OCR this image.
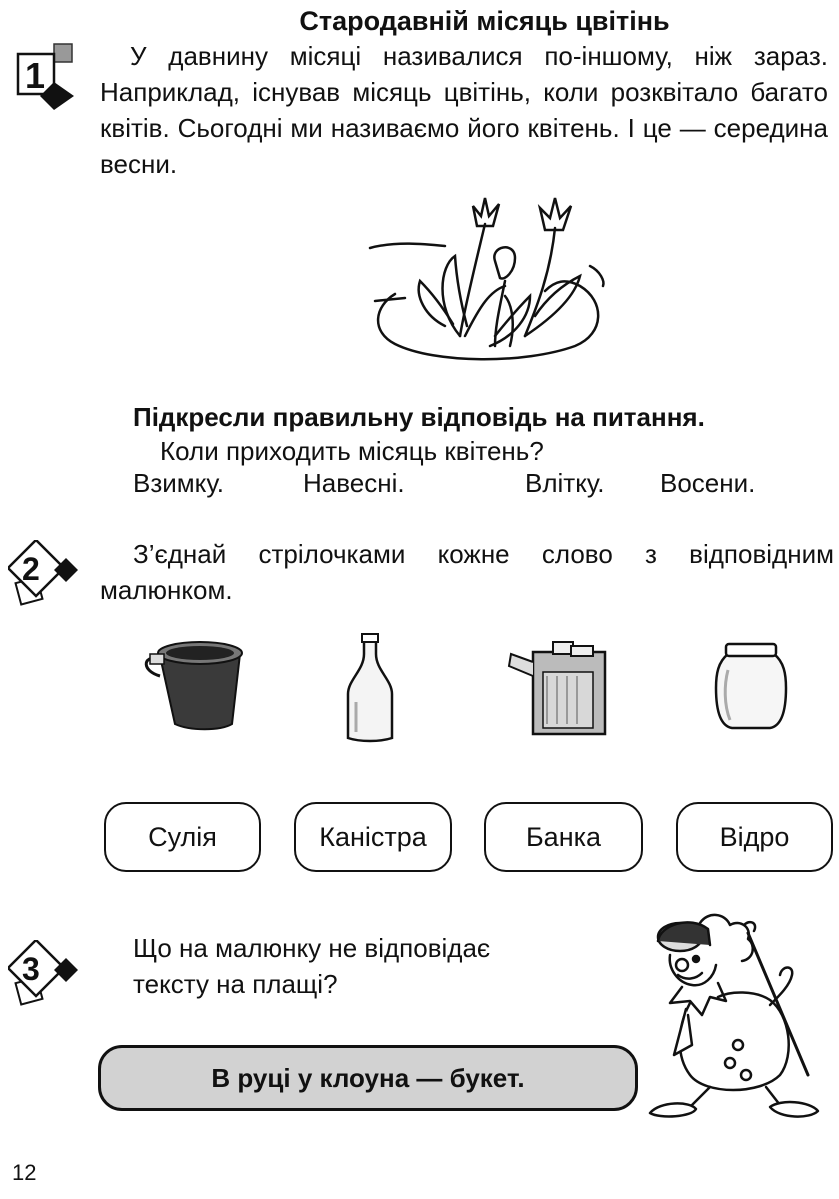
Стародавній місяць цвітінь
1	У давнину місяці називалися по-іншому, ніж зараз. Наприклад, існував місяць цвітінь, коли розквітало багато квітів. Сьогодні ми називаємо його квітень. І це — середина весни.
Підкресли правильну відповідь на питання.
Коли приходить місяць квітень?
Взимку.	Навесні.	Влітку. Восени.
2	З’єднай стрілочками кожне слово з відповідним малюнком.
Сулія	Каністра	Банка	Відро
3
Що на малюнку не відповідає
тексту на плащі?
В руці у клоуна — букет.
12
